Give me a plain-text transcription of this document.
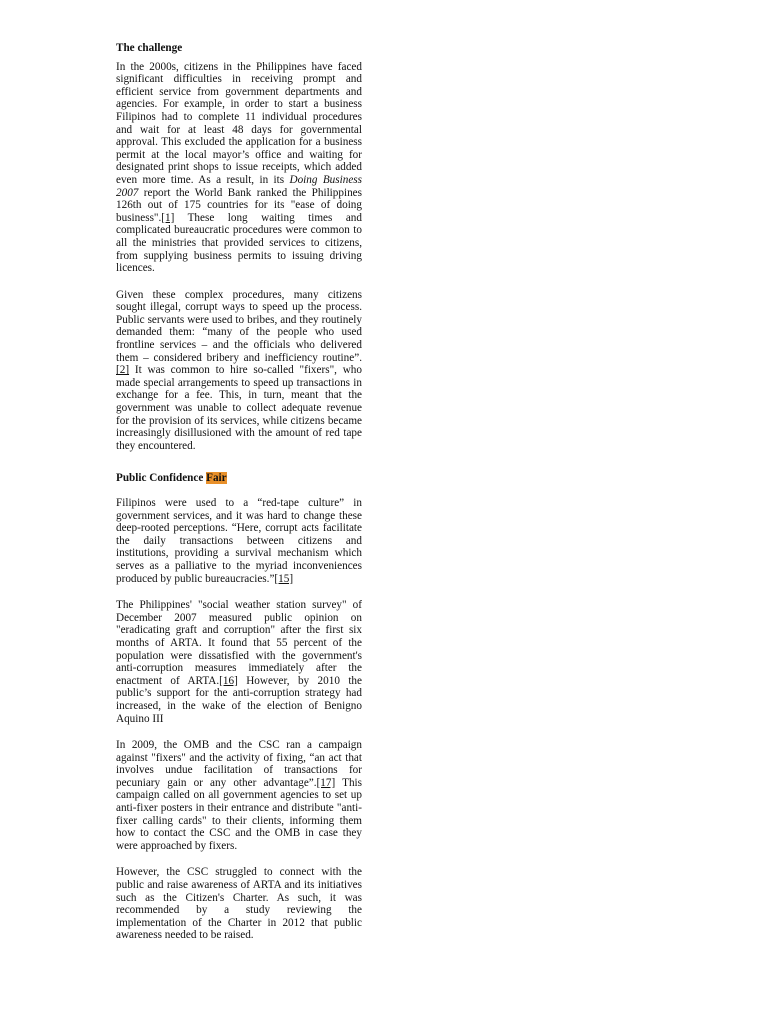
The challenge

In the 2000s, citizens in the Philippines have faced significant difficulties in receiving prompt and efficient service from government departments and agencies. For example, in order to start a business Filipinos had to complete 11 individual procedures and wait for at least 48 days for governmental approval. This excluded the application for a business permit at the local mayor’s office and waiting for designated print shops to issue receipts, which added even more time. As a result, in its Doing Business 2007 report the World Bank ranked the Philippines 126th out of 175 countries for its "ease of doing business".[1] These long waiting times and complicated bureaucratic procedures were common to all the ministries that provided services to citizens, from supplying business permits to issuing driving licences.

Given these complex procedures, many citizens sought illegal, corrupt ways to speed up the process. Public servants were used to bribes, and they routinely demanded them: “many of the people who used frontline services – and the officials who delivered them – considered bribery and inefficiency routine”.[2] It was common to hire so-called "fixers", who made special arrangements to speed up transactions in exchange for a fee. This, in turn, meant that the government was unable to collect adequate revenue for the provision of its services, while citizens became increasingly disillusioned with the amount of red tape they encountered.

Public Confidence Fair

Filipinos were used to a “red-tape culture” in government services, and it was hard to change these deep-rooted perceptions. “Here, corrupt acts facilitate the daily transactions between citizens and institutions, providing a survival mechanism which serves as a palliative to the myriad inconveniences produced by public bureaucracies.”[15]

The Philippines' "social weather station survey" of December 2007 measured public opinion on "eradicating graft and corruption" after the first six months of ARTA. It found that 55 percent of the population were dissatisfied with the government's anti-corruption measures immediately after the enactment of ARTA.[16] However, by 2010 the public’s support for the anti-corruption strategy had increased, in the wake of the election of Benigno Aquino III

In 2009, the OMB and the CSC ran a campaign against "fixers" and the activity of fixing, “an act that involves undue facilitation of transactions for pecuniary gain or any other advantage”.[17] This campaign called on all government agencies to set up anti-fixer posters in their entrance and distribute "anti-fixer calling cards" to their clients, informing them how to contact the CSC and the OMB in case they were approached by fixers.

However, the CSC struggled to connect with the public and raise awareness of ARTA and its initiatives such as the Citizen's Charter. As such, it was recommended by a study reviewing the implementation of the Charter in 2012 that public awareness needed to be raised.
